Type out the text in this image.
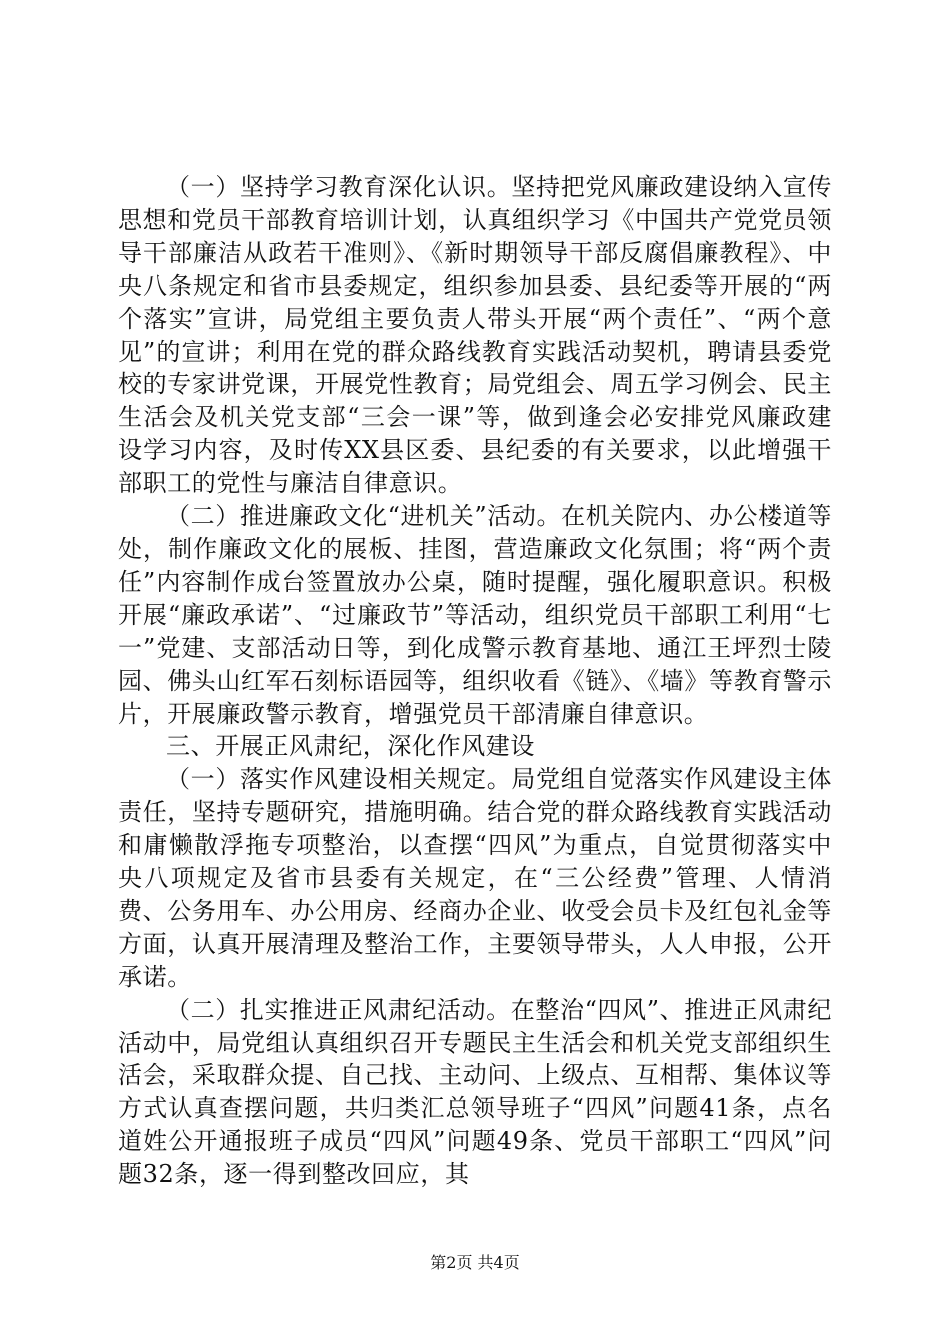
（一）坚持学习教育深化认识。坚持把党风廉政建设纳入宣传思想和党员干部教育培训计划，认真组织学习《中国共产党党员领导干部廉洁从政若干准则》、《新时期领导干部反腐倡廉教程》、中央八条规定和省市县委规定，组织参加县委、县纪委等开展的“两个落实”宣讲，局党组主要负责人带头开展“两个责任”、“两个意见”的宣讲；利用在党的群众路线教育实践活动契机，聘请县委党校的专家讲党课，开展党性教育；局党组会、周五学习例会、民主生活会及机关党支部“三会一课”等，做到逢会必安排党风廉政建设学习内容，及时传XX县区委、县纪委的有关要求，以此增强干部职工的党性与廉洁自律意识。

（二）推进廉政文化“进机关”活动。在机关院内、办公楼道等处，制作廉政文化的展板、挂图，营造廉政文化氛围；将“两个责任”内容制作成台签置放办公桌，随时提醒，强化履职意识。积极开展“廉政承诺”、“过廉政节”等活动，组织党员干部职工利用“七一”党建、支部活动日等，到化成警示教育基地、通江王坪烈士陵园、佛头山红军石刻标语园等，组织收看《链》、《墙》等教育警示片，开展廉政警示教育，增强党员干部清廉自律意识。

三、开展正风肃纪，深化作风建设

（一）落实作风建设相关规定。局党组自觉落实作风建设主体责任，坚持专题研究，措施明确。结合党的群众路线教育实践活动和庸懒散浮拖专项整治，以查摆“四风”为重点，自觉贯彻落实中央八项规定及省市县委有关规定，在“三公经费”管理、人情消费、公务用车、办公用房、经商办企业、收受会员卡及红包礼金等方面，认真开展清理及整治工作，主要领导带头，人人申报，公开承诺。

（二）扎实推进正风肃纪活动。在整治“四风”、推进正风肃纪活动中，局党组认真组织召开专题民主生活会和机关党支部组织生活会，采取群众提、自己找、主动问、上级点、互相帮、集体议等方式认真查摆问题，共归类汇总领导班子“四风”问题41条，点名道姓公开通报班子成员“四风”问题49条、党员干部职工“四风”问题32条，逐一得到整改回应，其

第2页 共4页
